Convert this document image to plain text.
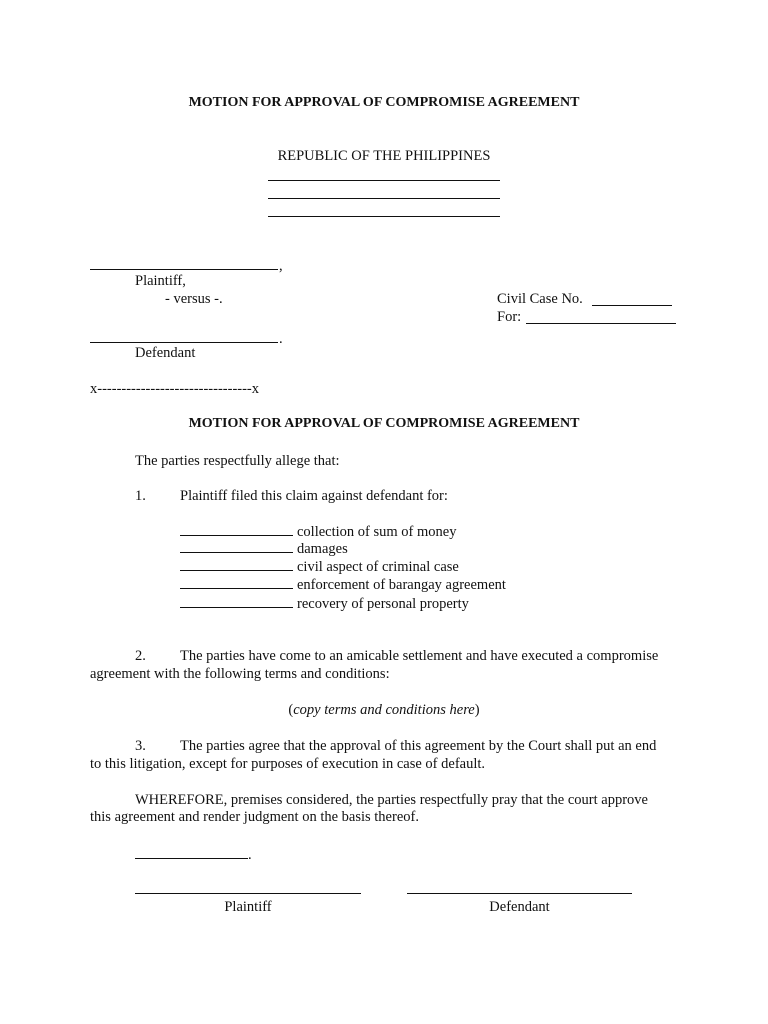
MOTION FOR APPROVAL OF COMPROMISE AGREEMENT
REPUBLIC OF THE PHILIPPINES
,
Plaintiff,
- versus -.	Civil Case No.
For:
.
Defendant
x--------------------------------x
MOTION FOR APPROVAL OF COMPROMISE AGREEMENT
The parties respectfully allege that:
1. Plaintiff filed this claim against defendant for:
collection of sum of money
damages
civil aspect of criminal case
enforcement of barangay agreement
recovery of personal property
2. The parties have come to an amicable settlement and have executed a compromise
agreement with the following terms and conditions:
(copy terms and conditions here)
3. The parties agree that the approval of this agreement by the Court shall put an end
to this litigation, except for purposes of execution in case of default.
WHEREFORE, premises considered, the parties respectfully pray that the court approve
this agreement and render judgment on the basis thereof.
.
Plaintiff	Defendant
